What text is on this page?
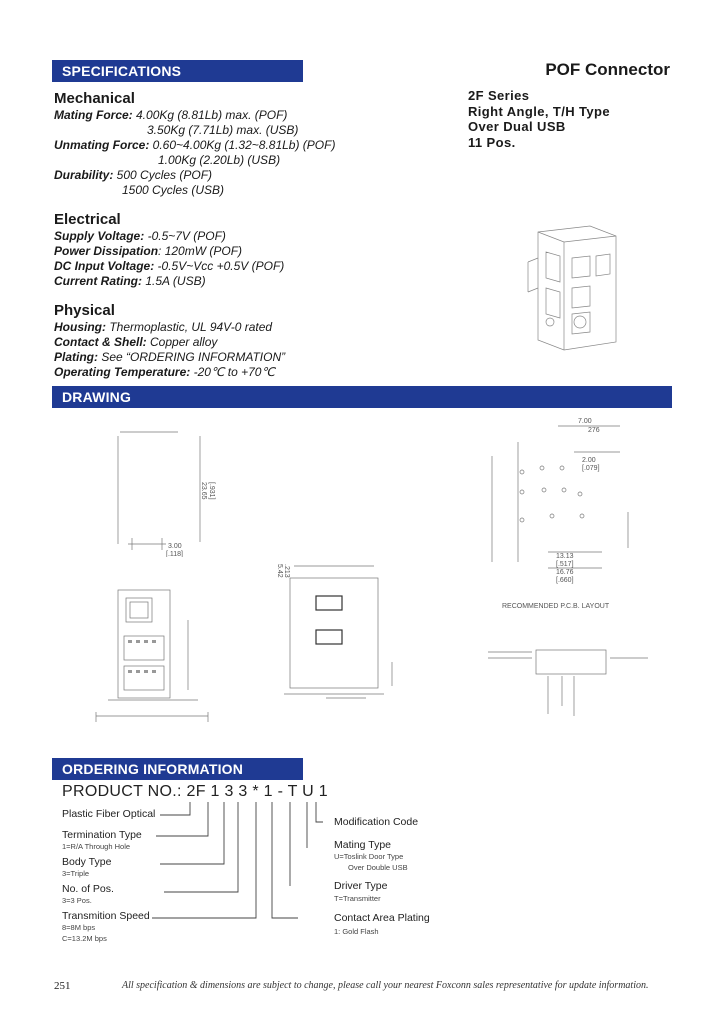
SPECIFICATIONS	POF Connector
2F Series
Right Angle, T/H Type
Over Dual USB
11 Pos.
Mechanical
Mating Force: 4.00Kg (8.81Lb) max. (POF)
3.50Kg (7.71Lb) max. (USB)
Unmating Force: 0.60~4.00Kg (1.32~8.81Lb) (POF)
1.00Kg (2.20Lb) (USB)
Durability: 500 Cycles (POF)
1500 Cycles (USB)
Electrical
Supply Voltage: -0.5~7V (POF)
Power Dissipation: 120mW (POF)
DC Input Voltage: -0.5V~Vcc +0.5V (POF)
Current Rating: 1.5A (USB)
Physical
Housing: Thermoplastic, UL 94V-0 rated
Contact & Shell: Copper alloy
Plating: See “ORDERING INFORMATION”
Operating Temperature: -20℃ to +70℃
DRAWING
23.65 [.931]
3.00
[.118]
5.42 .213
7.00
276
2.00
[.079]
13.13
[.517]
16.76
[.660]
RECOMMENDED P.C.B. LAYOUT
ORDERING INFORMATION
PRODUCT NO.: 2F 1 3 3 * 1 - T U 1
Plastic Fiber Optical
Termination Type
1=R/A Through Hole
Body Type
3=Triple
No. of Pos.
3=3 Pos.
Transmition Speed
8=8M bps
C=13.2M bps
Modification Code
Mating Type
U=Toslink Door Type
Over Double USB
Driver Type
T=Transmitter
Contact Area Plating
1: Gold Flash
251	All specification & dimensions are subject to change, please call your nearest Foxconn sales representative for update information.
